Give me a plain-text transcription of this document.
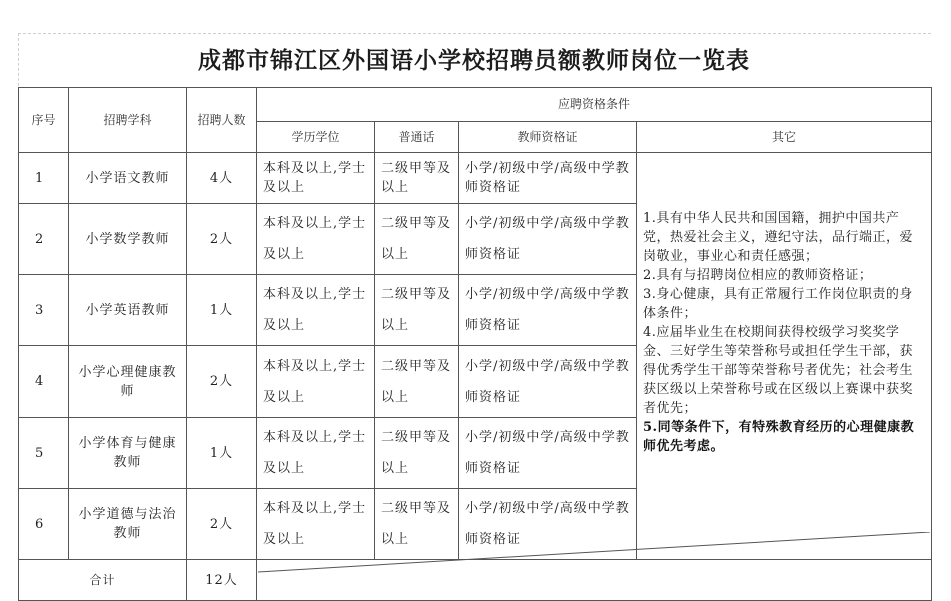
成都市锦江区外国语小学校招聘员额教师岗位一览表
序号	招聘学科	招聘人数	应聘资格条件			
			学历学位	普通话	教师资格证	其它

1	小学语文教师	4人	本科及以上,学士及以上	二级甲等及以上	小学/初级中学/高级中学教师资格证	1.具有中华人民共和国国籍，拥护中国共产党，热爱社会主义，遵纪守法，品行端正，爱岗敬业，事业心和责任感强；
2.具有与招聘岗位相应的教师资格证；
3.身心健康，具有正常履行工作岗位职责的身体条件；
4.应届毕业生在校期间获得校级学习奖奖学金、三好学生等荣誉称号或担任学生干部，获得优秀学生干部等荣誉称号者优先；社会考生获区级以上荣誉称号或在区级以上赛课中获奖者优先；
5.同等条件下，有特殊教育经历的心理健康教师优先考虑。

2	小学数学教师	2人	本科及以上,学士及以上	二级甲等及以上	小学/初级中学/高级中学教师资格证	

3	小学英语教师	1人	本科及以上,学士及以上	二级甲等及以上	小学/初级中学/高级中学教师资格证	

4	小学心理健康教师	2人	本科及以上,学士及以上	二级甲等及以上	小学/初级中学/高级中学教师资格证	

5	小学体育与健康教师	1人	本科及以上,学士及以上	二级甲等及以上	小学/初级中学/高级中学教师资格证	

6	小学道德与法治教师	2人	本科及以上,学士及以上	二级甲等及以上	小学/初级中学/高级中学教师资格证	

合计		12人				
